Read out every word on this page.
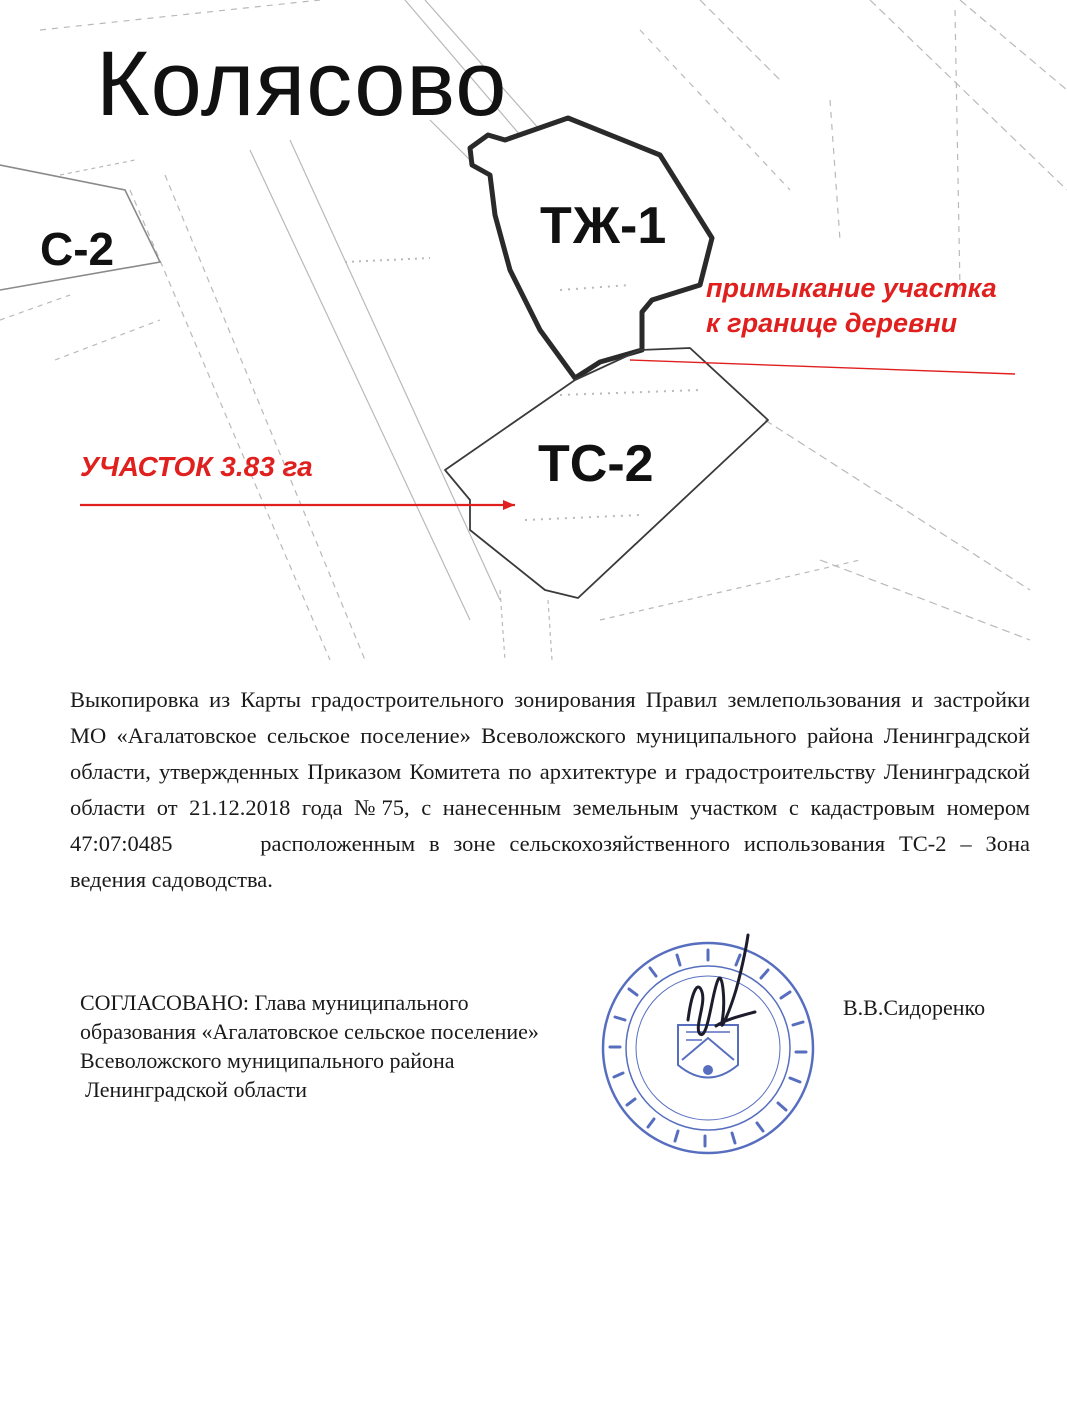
Колясово
ТЖ-1
ТС-2
С-2
примыкание участка
к границе деревни
УЧАСТОК 3.83 га
Выкопировка из Карты градостроительного зонирования Правил землепользования и застройки МО «Агалатовское сельское поселение» Всеволожского муниципального района Ленинградской области, утвержденных Приказом Комитета по архитектуре и градостроительству Ленинградской области от 21.12.2018 года №75, с нанесенным земельным участком с кадастровым номером 47:07:0485	расположенным в зоне сельскохозяйственного использования ТС-2 – Зона ведения садоводства.
СОГЛАСОВАНО: Глава муниципального
образования «Агалатовское сельское поселение»
Всеволожского муниципального района
Ленинградской области
В.В.Сидоренко
